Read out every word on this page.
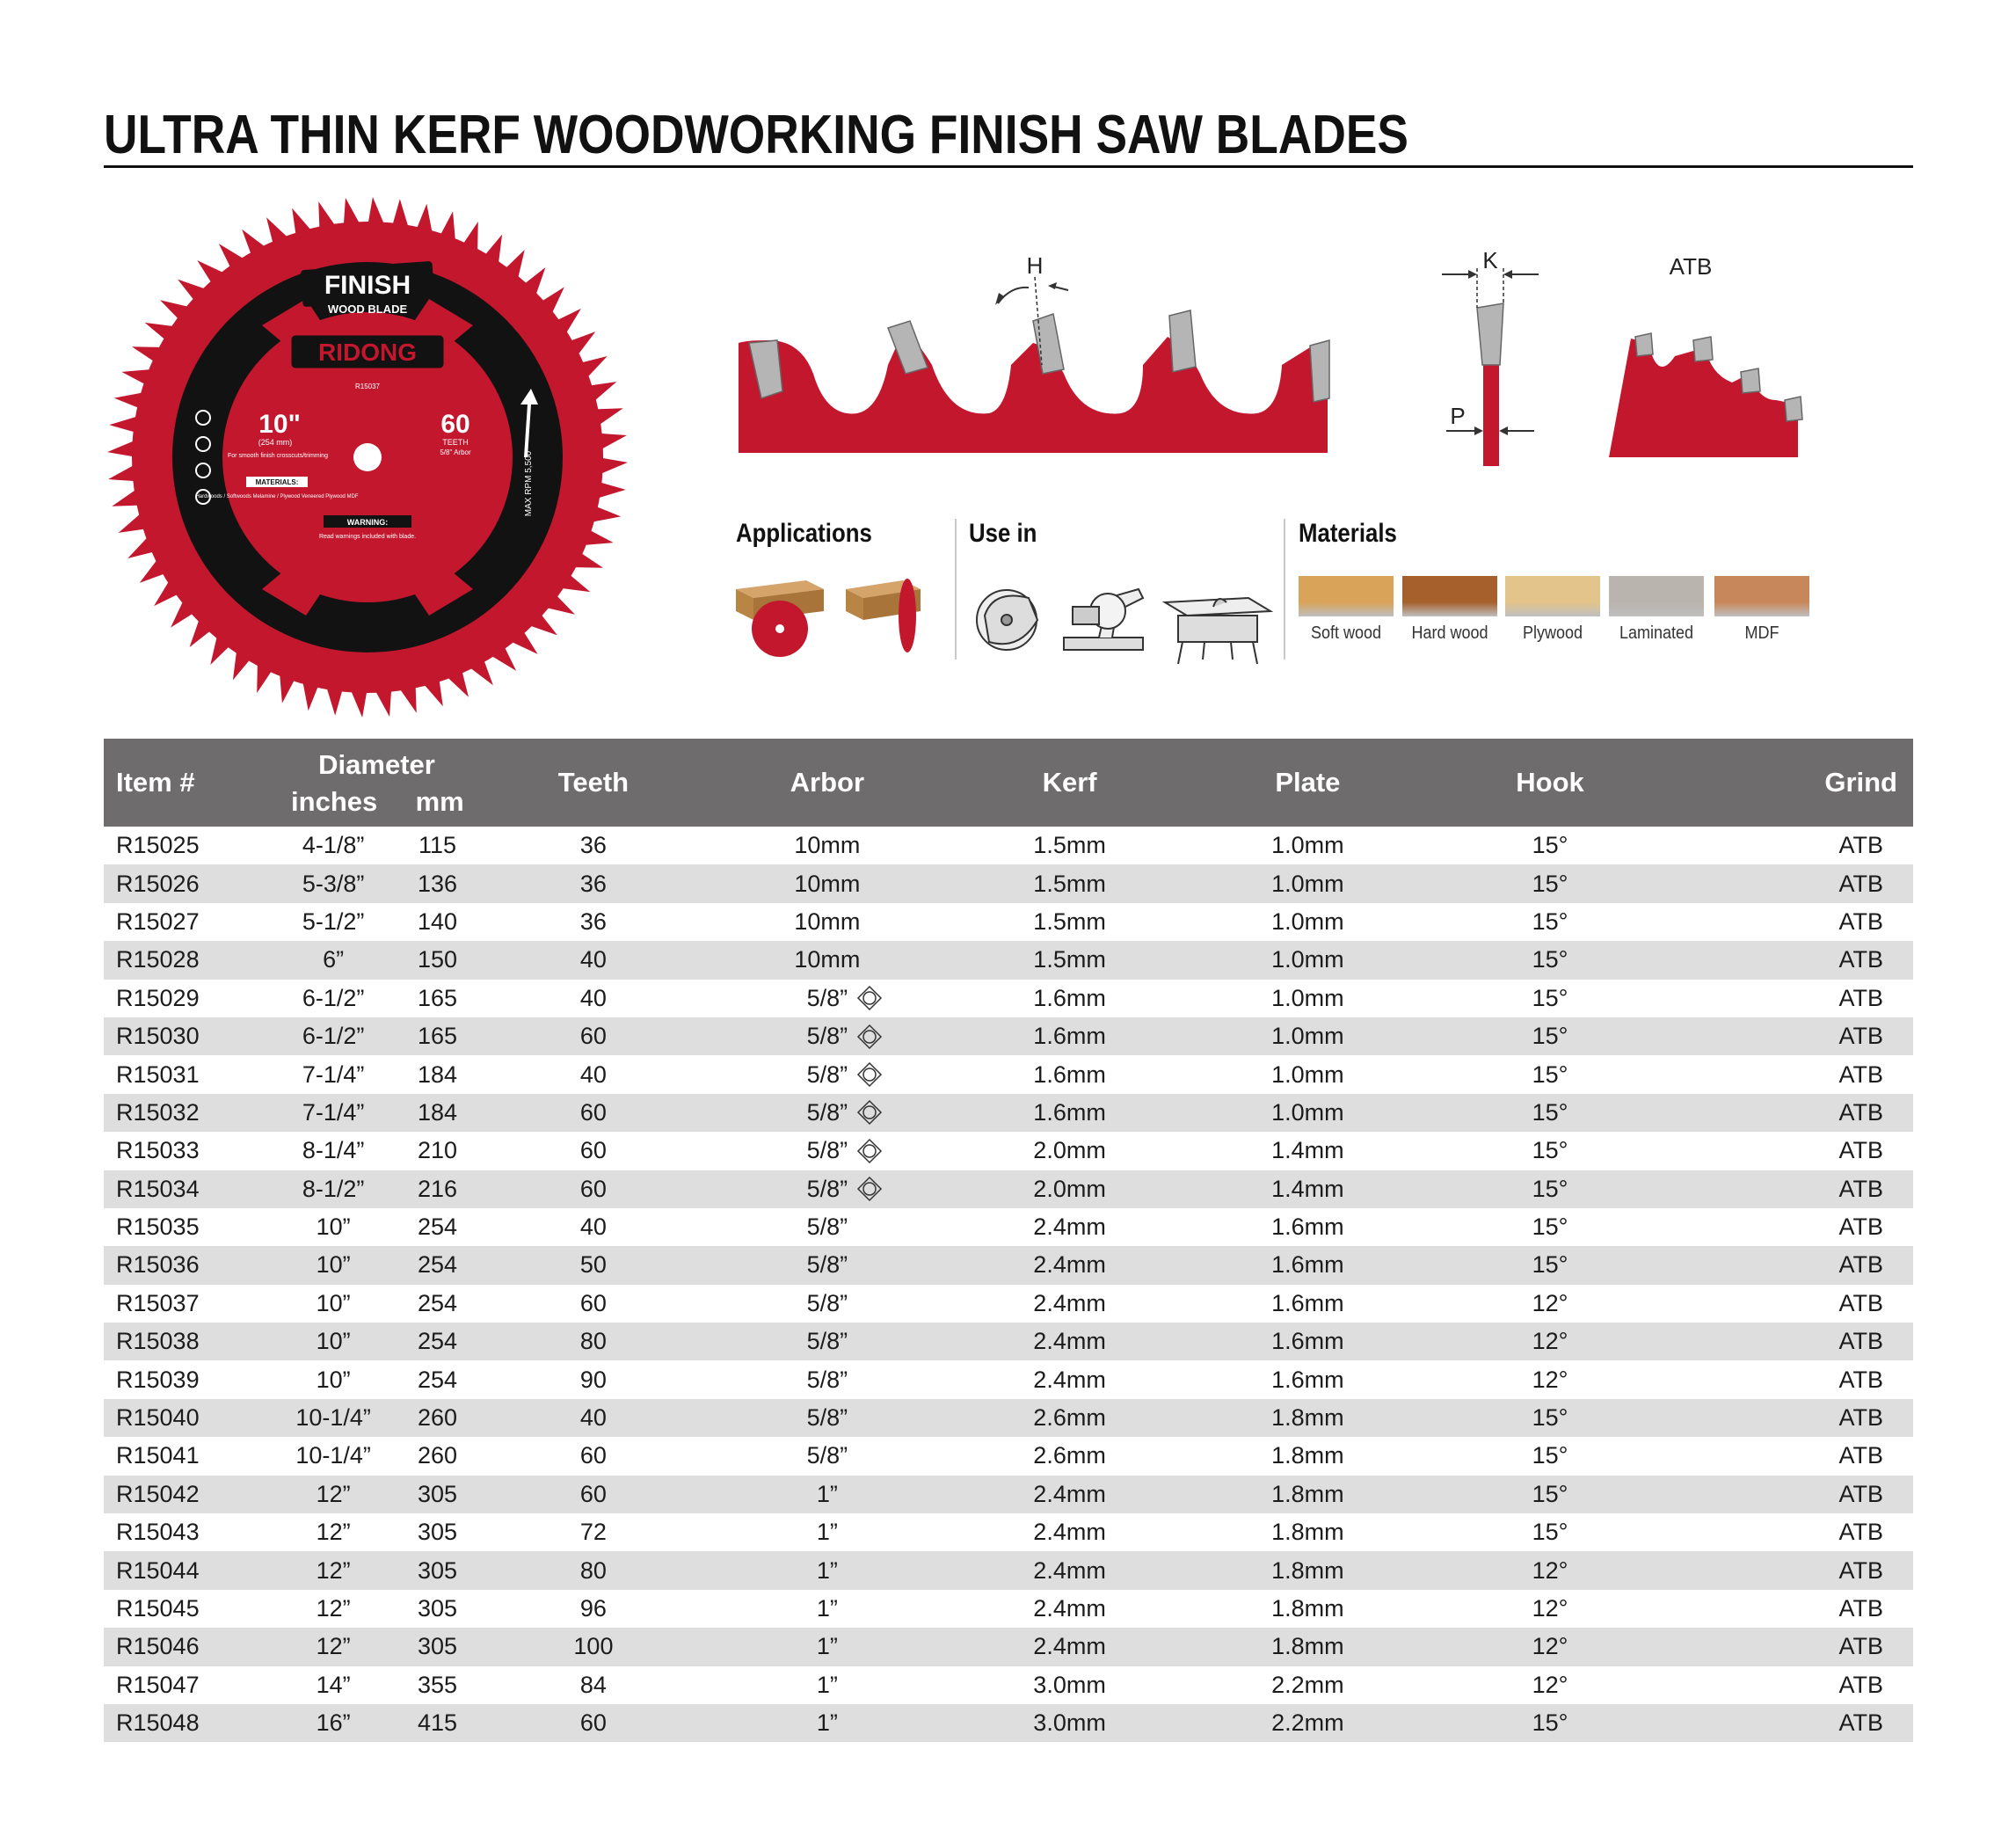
ULTRA THIN KERF WOODWORKING FINISH SAW BLADES
FINISH
WOOD BLADE
RIDONG
R15037
10"
(254 mm)
60
TEETH
5/8" Arbor
For smooth finish crosscuts/trimming
MATERIALS:
Hardwoods / Softwoods Melamine / Plywood Veneered Plywood MDF
WARNING:
Read warnings included with blade.
MAX RPM 5,500
H	K
P
ATB
Applications	Use in	Materials
Soft wood	Hard wood	Plywood	Laminated	MDF
Item #	Diameter
inches mm		Teeth	Arbor	Kerf	Plate	Hook	Grind
R15025	4-1/8”	115	36	10mm	1.5mm	1.0mm	15°	ATB
R15026	5-3/8”	136	36	10mm	1.5mm	1.0mm	15°	ATB
R15027	5-1/2”	140	36	10mm	1.5mm	1.0mm	15°	ATB
R15028	6”	150	40	10mm	1.5mm	1.0mm	15°	ATB
R15029	6-1/2”	165	40	5/8”	1.6mm	1.0mm	15°	ATB
R15030	6-1/2”	165	60	5/8”	1.6mm	1.0mm	15°	ATB
R15031	7-1/4”	184	40	5/8”	1.6mm	1.0mm	15°	ATB
R15032	7-1/4”	184	60	5/8”	1.6mm	1.0mm	15°	ATB
R15033	8-1/4”	210	60	5/8”	2.0mm	1.4mm	15°	ATB
R15034	8-1/2”	216	60	5/8”	2.0mm	1.4mm	15°	ATB
R15035	10”	254	40	5/8”	2.4mm	1.6mm	15°	ATB
R15036	10”	254	50	5/8”	2.4mm	1.6mm	15°	ATB
R15037	10”	254	60	5/8”	2.4mm	1.6mm	12°	ATB
R15038	10”	254	80	5/8”	2.4mm	1.6mm	12°	ATB
R15039	10”	254	90	5/8”	2.4mm	1.6mm	12°	ATB
R15040	10-1/4”	260	40	5/8”	2.6mm	1.8mm	15°	ATB
R15041	10-1/4”	260	60	5/8”	2.6mm	1.8mm	15°	ATB
R15042	12”	305	60	1”	2.4mm	1.8mm	15°	ATB
R15043	12”	305	72	1”	2.4mm	1.8mm	15°	ATB
R15044	12”	305	80	1”	2.4mm	1.8mm	12°	ATB
R15045	12”	305	96	1”	2.4mm	1.8mm	12°	ATB
R15046	12”	305	100	1”	2.4mm	1.8mm	12°	ATB
R15047	14”	355	84	1”	3.0mm	2.2mm	12°	ATB
R15048	16”	415	60	1”	3.0mm	2.2mm	15°	ATB
